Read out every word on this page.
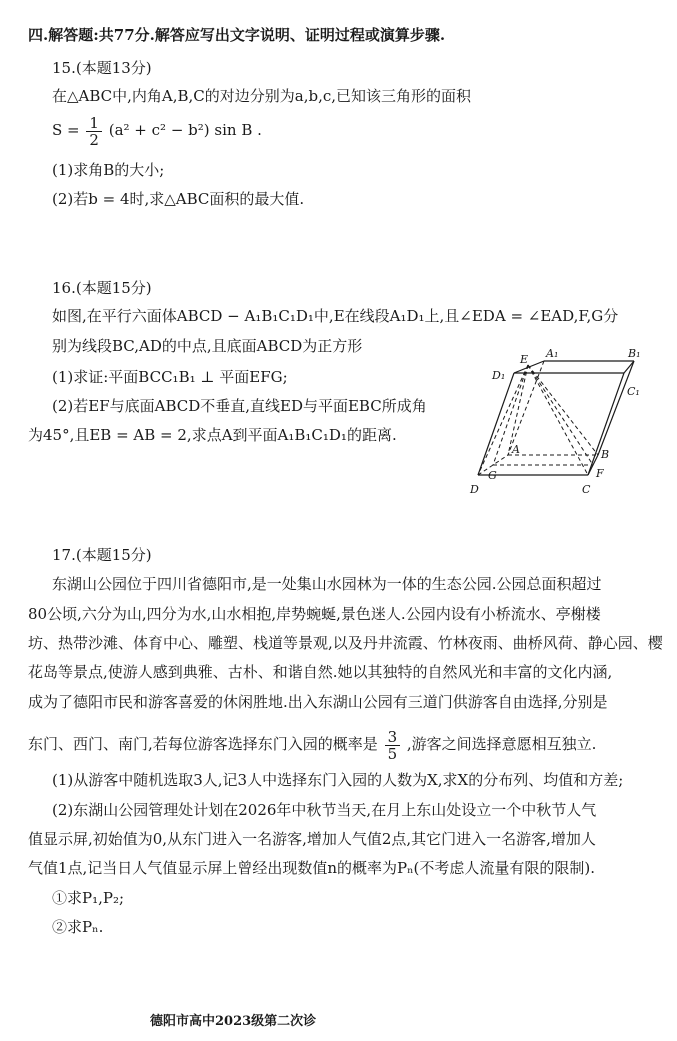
四.解答题:共77分.解答应写出文字说明、证明过程或演算步骤.
15.(本题13分)
在△ABC中,内角A,B,C的对边分别为a,b,c,已知该三角形的面积
$S = \frac{1}{2} (a^2 + c^2 - b^2)$ sin B .
(1)求角B的大小;
(2)若b = 4时,求△ABC面积的最大值.
16.(本题15分)
如图,在平行六面体ABCD − A₁B₁C₁D₁中,E在线段A₁D₁上,且∠EDA = ∠EAD,F,G分
别为线段BC,AD的中点,且底面ABCD为正方形
(1)求证:平面BCC₁B₁ ⊥ 平面EFG;
(2)若EF与底面ABCD不垂直,直线ED与平面EBC所成角
为45°,且EB = AB = 2,求点A到平面A₁B₁C₁D₁的距离.
A₁	B₁
D₁
E
C₁
A	B
G	F
D	C
17.(本题15分)
东湖山公园位于四川省德阳市,是一处集山水园林为一体的生态公园.公园总面积超过
80公顷,六分为山,四分为水,山水相抱,岸势蜿蜒,景色迷人.公园内设有小桥流水、亭榭楼
坊、热带沙滩、体育中心、雕塑、栈道等景观,以及丹井流霞、竹林夜雨、曲桥风荷、静心园、樱
花岛等景点,使游人感到典雅、古朴、和谐自然.她以其独特的自然风光和丰富的文化内涵,
成为了德阳市民和游客喜爱的休闲胜地.出入东湖山公园有三道门供游客自由选择,分别是
东门、西门、南门,若每位游客选择东门入园的概率是 $\frac{3}{5}$ ,游客之间选择意愿相互独立.
(1)从游客中随机选取3人,记3人中选择东门入园的人数为X,求X的分布列、均值和方差;
(2)东湖山公园管理处计划在2026年中秋节当天,在月上东山处设立一个中秋节人气
值显示屏,初始值为0,从东门进入一名游客,增加人气值2点,其它门进入一名游客,增加人
气值1点,记当日人气值显示屏上曾经出现数值n的概率为Pₙ(不考虑人流量有限的限制).
①求P₁,P₂;
②求Pₙ.
德阳市高中2023级第二次诊
